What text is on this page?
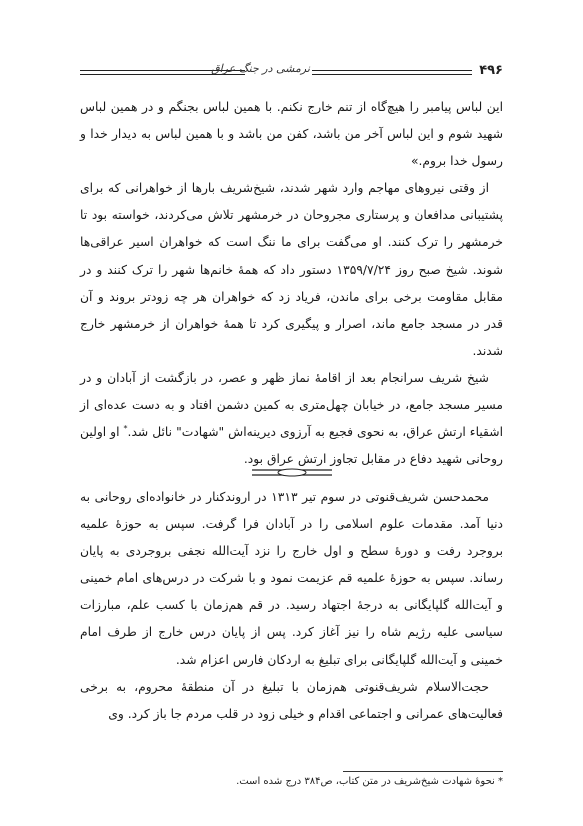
نرمشی در جنگ عراق	۴۹۶

این لباس پیامبر را هیچ‌گاه از تنم خارج نکنم. با همین لباس بجنگم و در همین لباس شهید شوم و این لباس آخر من باشد، کفن من باشد و با همین لباس به دیدار خدا و رسول خدا بروم.»

از وقتی نیروهای مهاجم وارد شهر شدند، شیخ‌شریف بارها از خواهرانی که برای پشتیبانی مدافعان و پرستاری مجروحان در خرمشهر تلاش می‌کردند، خواسته بود تا خرمشهر را ترک کنند. او می‌گفت برای ما ننگ است که خواهران اسیر عراقی‌ها شوند. شیخ صبح روز ۱۳۵۹/۷/۲۴ دستور داد که همهٔ خانم‌ها شهر را ترک کنند و در مقابل مقاومت برخی برای ماندن، فریاد زد که خواهران هر چه زودتر بروند و آن قدر در مسجد جامع ماند، اصرار و پیگیری کرد تا همهٔ خواهران از خرمشهر خارج شدند.

شیخ شریف سرانجام بعد از اقامهٔ نماز ظهر و عصر، در بازگشت از آبادان و در مسیر مسجد جامع، در خیابان چهل‌متری به کمین دشمن افتاد و به دست عده‌ای از اشقیاء ارتش عراق، به نحوی فجیع به آرزوی دیرینه‌اش "شهادت" نائل شد.* او اولین روحانی شهید دفاع در مقابل تجاوز ارتش عراق بود.

محمدحسن شریف‌قنوتی در سوم تیر ۱۳۱۳ در اروندکنار در خانواده‌ای روحانی به دنیا آمد. مقدمات علوم اسلامی را در آبادان فرا گرفت. سپس به حوزهٔ علمیه بروجرد رفت و دورهٔ سطح و اول خارج را نزد آیت‌الله نجفی بروجردی به پایان رساند. سپس به حوزهٔ علمیه قم عزیمت نمود و با شرکت در درس‌های امام خمینی و آیت‌الله گلپایگانی به درجهٔ اجتهاد رسید. در قم هم‌زمان با کسب علم، مبارزات سیاسی علیه رژیم شاه را نیز آغاز کرد. پس از پایان درس خارج از طرف امام خمینی و آیت‌الله گلپایگانی برای تبلیغ به اردکان فارس اعزام شد.

حجت‌الاسلام شریف‌قنوتی هم‌زمان با تبلیغ در آن منطقهٔ محروم، به برخی فعالیت‌های عمرانی و اجتماعی اقدام و خیلی زود در قلب مردم جا باز کرد. وی

* نحوهٔ شهادت شیخ‌شریف در متن کتاب، ص۳۸۴ درج شده است.
